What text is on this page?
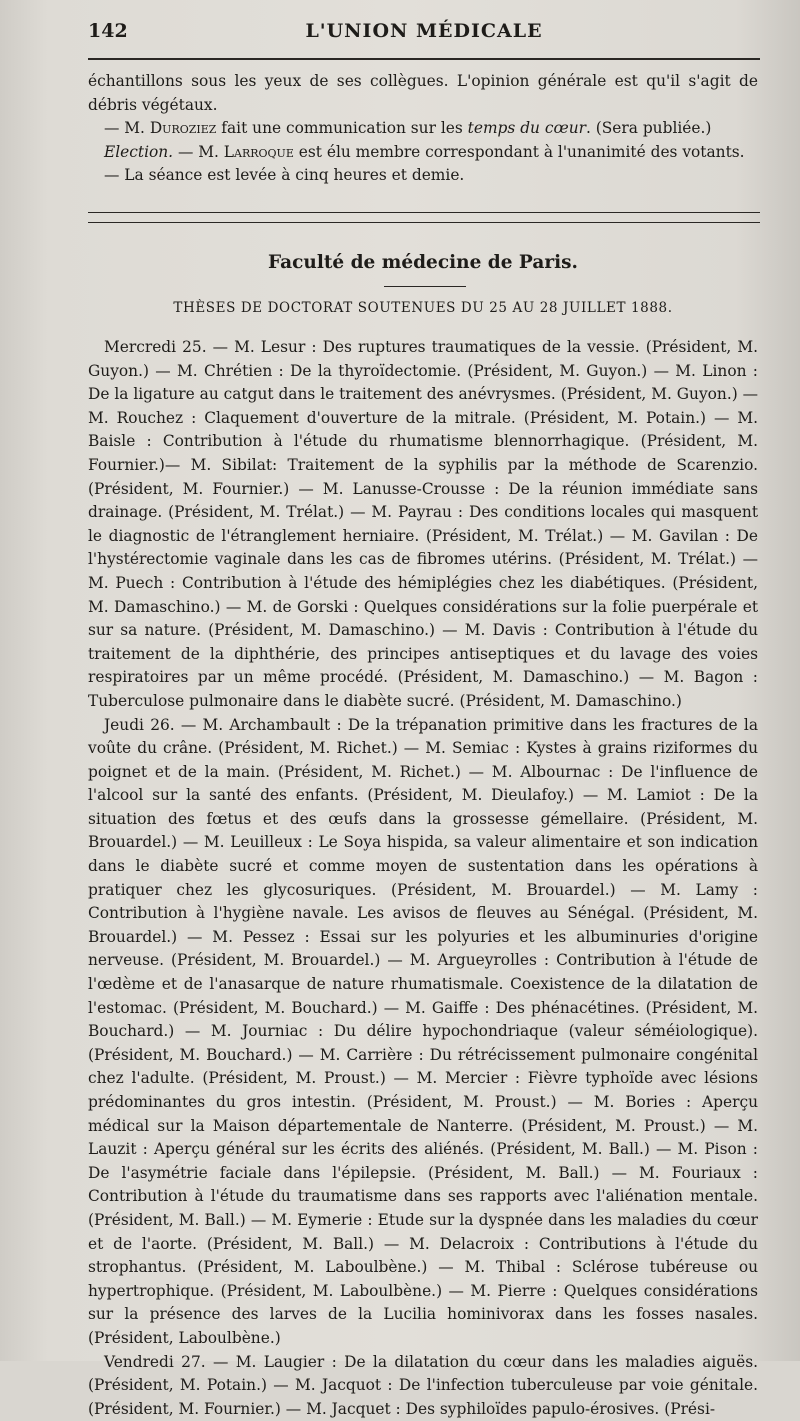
142	L'UNION MÉDICALE

échantillons sous les yeux de ses collègues. L'opinion générale est qu'il s'agit de débris végétaux.

— M. Duroziez fait une communication sur les temps du cœur. (Sera publiée.)

Election. — M. Larroque est élu membre correspondant à l'unanimité des votants.

— La séance est levée à cinq heures et demie.

Faculté de médecine de Paris.
THÈSES DE DOCTORAT SOUTENUES DU 25 AU 28 JUILLET 1888.

Mercredi 25. — M. Lesur : Des ruptures traumatiques de la vessie. (Président, M. Guyon.) — M. Chrétien : De la thyroïdectomie. (Président, M. Guyon.) — M. Linon : De la ligature au catgut dans le traitement des anévrysmes. (Président, M. Guyon.) — M. Rouchez : Claquement d'ouverture de la mitrale. (Président, M. Potain.) — M. Baisle : Contribution à l'étude du rhumatisme blennorrhagique. (Président, M. Fournier.)— M. Sibilat: Traitement de la syphilis par la méthode de Scarenzio. (Président, M. Fournier.) — M. Lanusse-Crousse : De la réunion immédiate sans drainage. (Président, M. Trélat.) — M. Payrau : Des conditions locales qui masquent le diagnostic de l'étranglement herniaire. (Président, M. Trélat.) — M. Gavilan : De l'hystérectomie vaginale dans les cas de fibromes utérins. (Président, M. Trélat.) — M. Puech : Contribution à l'étude des hémiplégies chez les diabétiques. (Président, M. Damaschino.) — M. de Gorski : Quelques considérations sur la folie puerpérale et sur sa nature. (Président, M. Damaschino.) — M. Davis : Contribution à l'étude du traitement de la diphthérie, des principes antiseptiques et du lavage des voies respiratoires par un même procédé. (Président, M. Damaschino.) — M. Bagon : Tuberculose pulmonaire dans le diabète sucré. (Président, M. Damaschino.)

Jeudi 26. — M. Archambault : De la trépanation primitive dans les fractures de la voûte du crâne. (Président, M. Richet.) — M. Semiac : Kystes à grains riziformes du poignet et de la main. (Président, M. Richet.) — M. Albournac : De l'influence de l'alcool sur la santé des enfants. (Président, M. Dieulafoy.) — M. Lamiot : De la situation des fœtus et des œufs dans la grossesse gémellaire. (Président, M. Brouardel.) — M. Leuilleux : Le Soya hispida, sa valeur alimentaire et son indication dans le diabète sucré et comme moyen de sustentation dans les opérations à pratiquer chez les glycosuriques. (Président, M. Brouardel.) — M. Lamy : Contribution à l'hygiène navale. Les avisos de fleuves au Sénégal. (Président, M. Brouardel.) — M. Pessez : Essai sur les polyuries et les albuminuries d'origine nerveuse. (Président, M. Brouardel.) — M. Argueyrolles : Contribution à l'étude de l'œdème et de l'anasarque de nature rhumatismale. Coexistence de la dilatation de l'estomac. (Président, M. Bouchard.) — M. Gaiffe : Des phénacétines. (Président, M. Bouchard.) — M. Journiac : Du délire hypochondriaque (valeur séméiologique). (Président, M. Bouchard.) — M. Carrière : Du rétrécissement pulmonaire congénital chez l'adulte. (Président, M. Proust.) — M. Mercier : Fièvre typhoïde avec lésions prédominantes du gros intestin. (Président, M. Proust.) — M. Bories : Aperçu médical sur la Maison départementale de Nanterre. (Président, M. Proust.) — M. Lauzit : Aperçu général sur les écrits des aliénés. (Président, M. Ball.) — M. Pison : De l'asymétrie faciale dans l'épilepsie. (Président, M. Ball.) — M. Fouriaux : Contribution à l'étude du traumatisme dans ses rapports avec l'aliénation mentale. (Président, M. Ball.) — M. Eymerie : Etude sur la dyspnée dans les maladies du cœur et de l'aorte. (Président, M. Ball.) — M. Delacroix : Contributions à l'étude du strophantus. (Président, M. Laboulbène.) — M. Thibal : Sclérose tubéreuse ou hypertrophique. (Président, M. Laboulbène.) — M. Pierre : Quelques considérations sur la présence des larves de la Lucilia hominivorax dans les fosses nasales. (Président, Laboulbène.)

Vendredi 27. — M. Laugier : De la dilatation du cœur dans les maladies aiguës. (Président, M. Potain.) — M. Jacquot : De l'infection tuberculeuse par voie génitale. (Président, M. Fournier.) — M. Jacquet : Des syphiloïdes papulo-érosives. (Prési-
